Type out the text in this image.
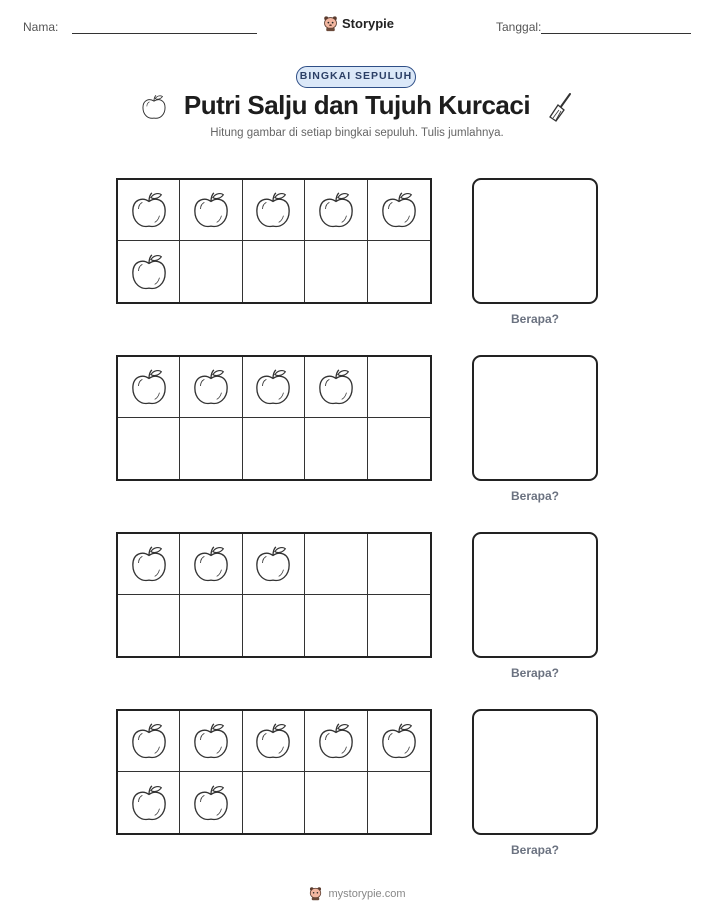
Nama:	Storypie	Tanggal:
BINGKAI SEPULUH
Putri Salju dan Tujuh Kurcaci
Hitung gambar di setiap bingkai sepuluh. Tulis jumlahnya.
Berapa?
Berapa?
Berapa?
Berapa?
mystorypie.com
